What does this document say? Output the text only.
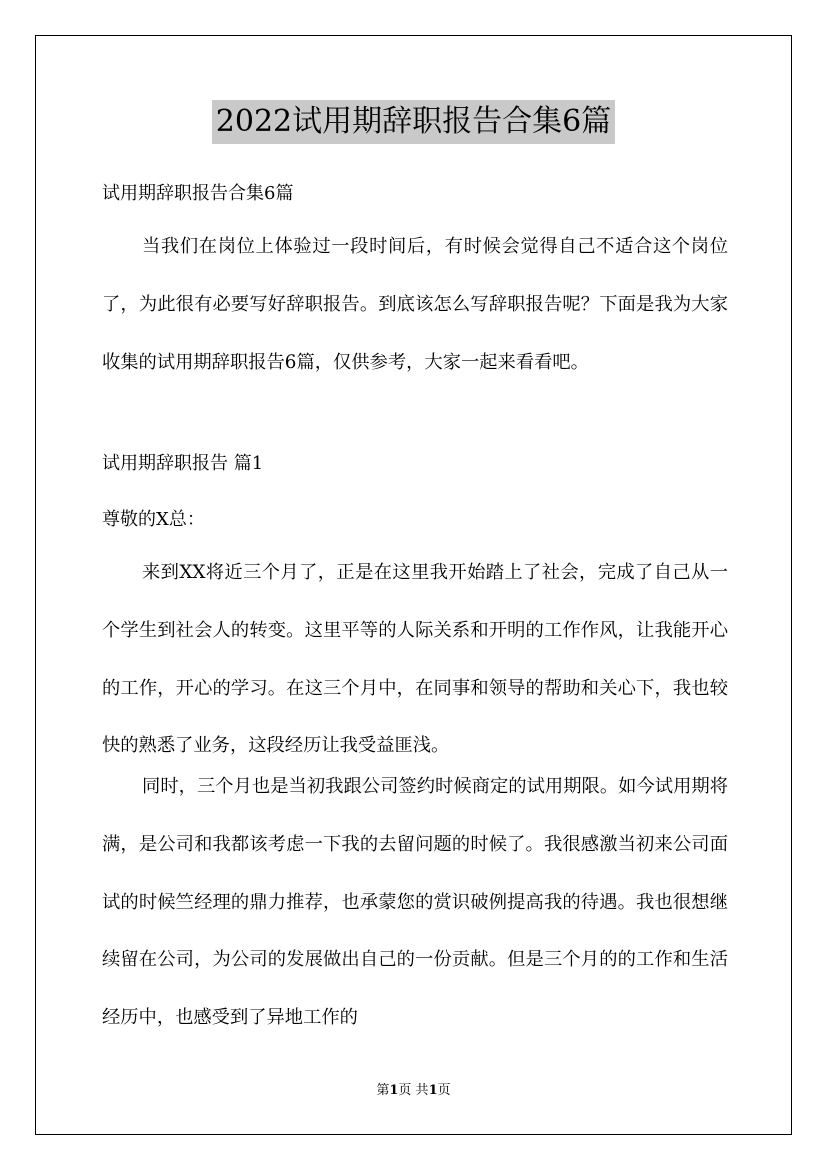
2022试用期辞职报告合集6篇
试用期辞职报告合集6篇
当我们在岗位上体验过一段时间后，有时候会觉得自己不适合这个岗位了，为此很有必要写好辞职报告。到底该怎么写辞职报告呢？下面是我为大家收集的试用期辞职报告6篇，仅供参考，大家一起来看看吧。
试用期辞职报告 篇1
尊敬的X总：
来到XX将近三个月了，正是在这里我开始踏上了社会，完成了自己从一个学生到社会人的转变。这里平等的人际关系和开明的工作作风，让我能开心的工作，开心的学习。在这三个月中，在同事和领导的帮助和关心下，我也较快的熟悉了业务，这段经历让我受益匪浅。
同时，三个月也是当初我跟公司签约时候商定的试用期限。如今试用期将满，是公司和我都该考虑一下我的去留问题的时候了。我很感激当初来公司面试的时候竺经理的鼎力推荐，也承蒙您的赏识破例提高我的待遇。我也很想继续留在公司，为公司的发展做出自己的一份贡献。但是三个月的的工作和生活经历中，也感受到了异地工作的
第1页 共1页
